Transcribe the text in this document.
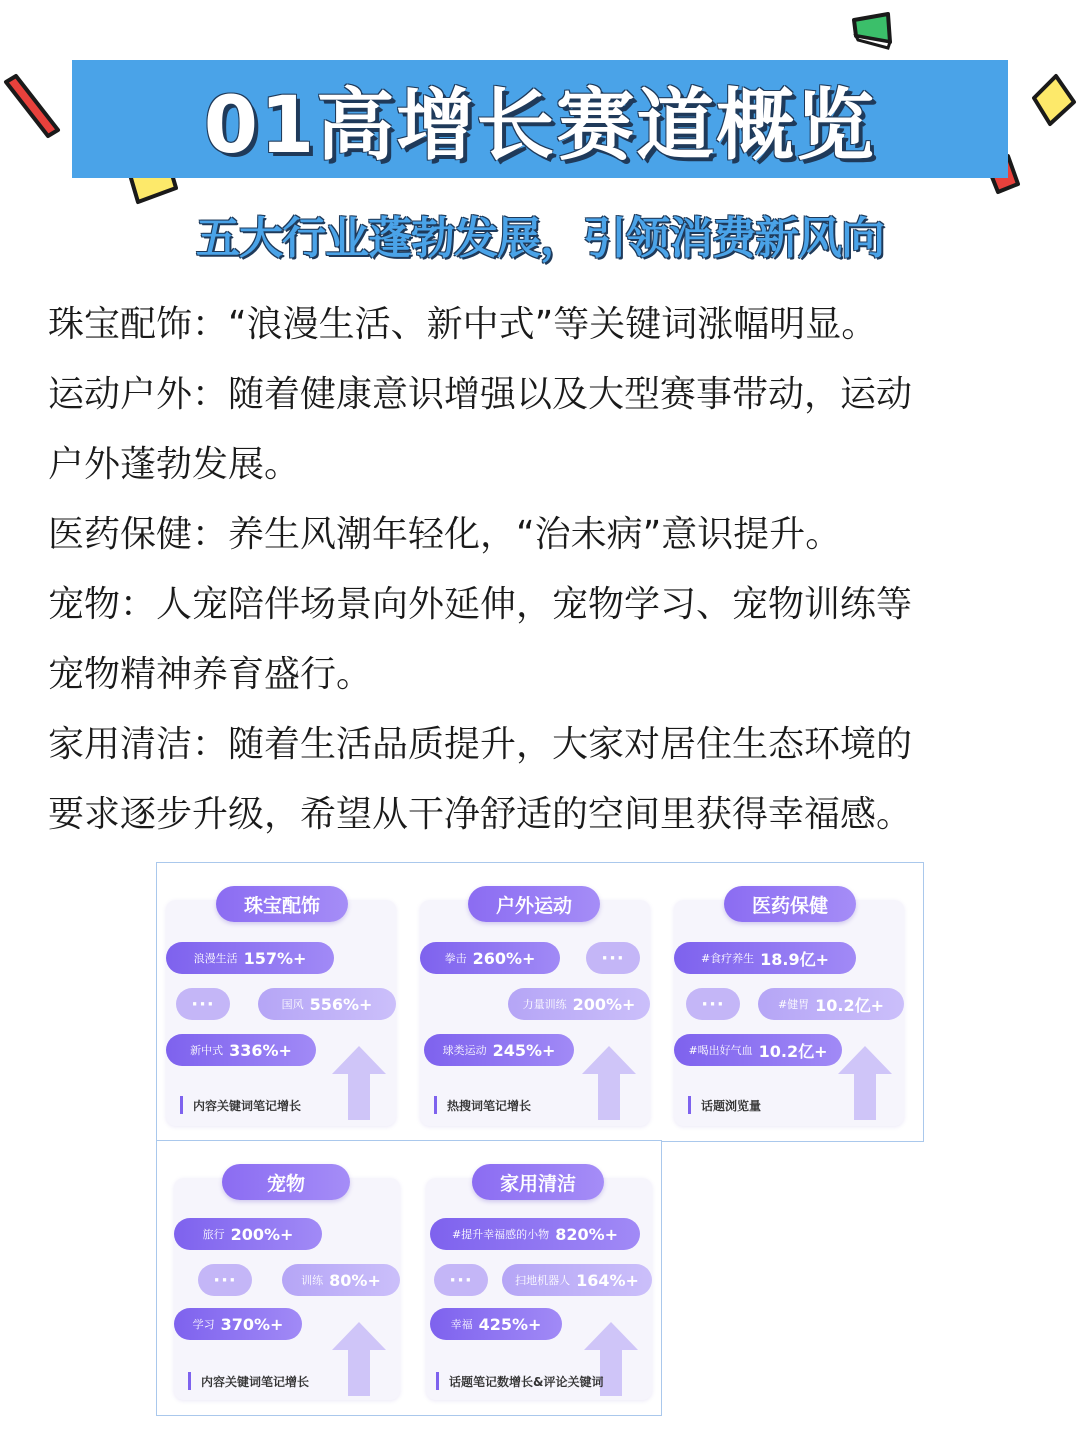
01高增长赛道概览
五大行业蓬勃发展，引领消费新风向

珠宝配饰：“浪漫生活、新中式”等关键词涨幅明显。

运动户外：随着健康意识增强以及大型赛事带动，运动
户外蓬勃发展。

医药保健：养生风潮年轻化，“治未病”意识提升。

宠物：人宠陪伴场景向外延伸，宠物学习、宠物训练等
宠物精神养育盛行。

家用清洁：随着生活品质提升，大家对居住生态环境的
要求逐步升级，希望从干净舒适的空间里获得幸福感。

珠宝配饰
浪漫生活 157%+
···	国风 556%+
新中式 336%+
内容关键词笔记增长
户外运动
拳击 260%+	···
力量训练 200%+
球类运动 245%+
热搜词笔记增长
医药保健
#食疗养生 18.9亿+
···	#健胃 10.2亿+
#喝出好气血 10.2亿+
话题浏览量
宠物
旅行 200%+
···	训练 80%+
学习 370%+
内容关键词笔记增长
家用清洁
#提升幸福感的小物 820%+
···	扫地机器人 164%+
幸福 425%+
话题笔记数增长&评论关键词
